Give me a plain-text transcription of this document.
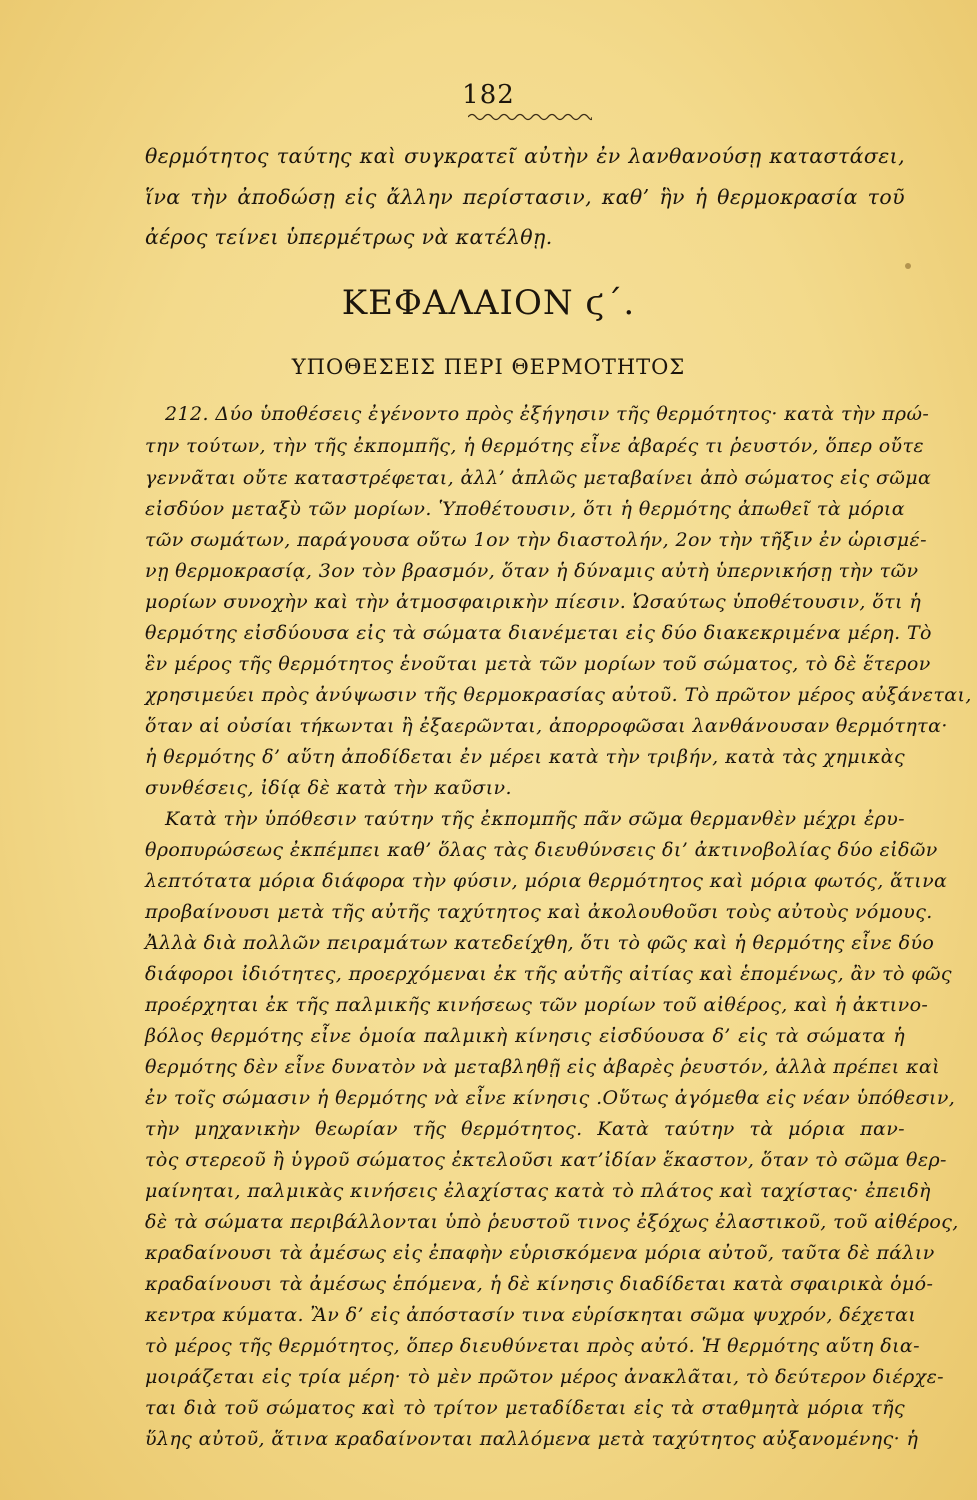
182
θερμότητος ταύτης καὶ συγκρατεῖ αὐτὴν ἐν λανθανούσῃ καταστάσει,
ἵνα τὴν ἀποδώσῃ εἰς ἄλλην περίστασιν, καθ’ ἣν ἡ θερμοκρασία τοῦ
ἀέρος τείνει ὑπερμέτρως νὰ κατέλθῃ.
ΚΕΦΑΛΑΙΟΝ ϛ΄.
ΥΠΟΘΕΣΕΙΣ ΠΕΡΙ ΘΕΡΜΟΤΗΤΟΣ
212. Δύο ὑποθέσεις ἐγένοντο πρὸς ἐξήγησιν τῆς θερμότητος· κατὰ τὴν πρώ-
την τούτων, τὴν τῆς ἐκπομπῆς, ἡ θερμότης εἶνε ἀβαρές τι ῥευστόν, ὅπερ οὔτε
γεννᾶται οὔτε καταστρέφεται, ἀλλ’ ἁπλῶς μεταβαίνει ἀπὸ σώματος εἰς σῶμα
εἰσδύον μεταξὺ τῶν μορίων. Ὑποθέτουσιν, ὅτι ἡ θερμότης ἀπωθεῖ τὰ μόρια
τῶν σωμάτων, παράγουσα οὕτω 1ον τὴν διαστολήν, 2ον τὴν τῆξιν ἐν ὡρισμέ-
νῃ θερμοκρασίᾳ, 3ον τὸν βρασμόν, ὅταν ἡ δύναμις αὐτὴ ὑπερνικήσῃ τὴν τῶν
μορίων συνοχὴν καὶ τὴν ἀτμοσφαιρικὴν πίεσιν. Ὡσαύτως ὑποθέτουσιν, ὅτι ἡ
θερμότης εἰσδύουσα εἰς τὰ σώματα διανέμεται εἰς δύο διακεκριμένα μέρη. Τὸ
ἓν μέρος τῆς θερμότητος ἑνοῦται μετὰ τῶν μορίων τοῦ σώματος, τὸ δὲ ἕτερον
χρησιμεύει πρὸς ἀνύψωσιν τῆς θερμοκρασίας αὐτοῦ. Τὸ πρῶτον μέρος αὐξάνεται,
ὅταν αἱ οὐσίαι τήκωνται ἢ ἐξαερῶνται, ἀπορροφῶσαι λανθάνουσαν θερμότητα·
ἡ θερμότης δ’ αὕτη ἀποδίδεται ἐν μέρει κατὰ τὴν τριβήν, κατὰ τὰς χημικὰς
συνθέσεις, ἰδίᾳ δὲ κατὰ τὴν καῦσιν.
Κατὰ τὴν ὑπόθεσιν ταύτην τῆς ἐκπομπῆς πᾶν σῶμα θερμανθὲν μέχρι ἐρυ-
θροπυρώσεως ἐκπέμπει καθ’ ὅλας τὰς διευθύνσεις δι’ ἀκτινοβολίας δύο εἰδῶν
λεπτότατα μόρια διάφορα τὴν φύσιν, μόρια θερμότητος καὶ μόρια φωτός, ἅτινα
προβαίνουσι μετὰ τῆς αὐτῆς ταχύτητος καὶ ἀκολουθοῦσι τοὺς αὐτοὺς νόμους.
Ἀλλὰ διὰ πολλῶν πειραμάτων κατεδείχθη, ὅτι τὸ φῶς καὶ ἡ θερμότης εἶνε δύο
διάφοροι ἰδιότητες, προερχόμεναι ἐκ τῆς αὐτῆς αἰτίας καὶ ἑπομένως, ἂν τὸ φῶς
προέρχηται ἐκ τῆς παλμικῆς κινήσεως τῶν μορίων τοῦ αἰθέρος, καὶ ἡ ἀκτινο-
βόλος θερμότης εἶνε ὁμοία παλμικὴ κίνησις εἰσδύουσα δ’ εἰς τὰ σώματα ἡ
θερμότης δὲν εἶνε δυνατὸν νὰ μεταβληθῇ εἰς ἀβαρὲς ῥευστόν, ἀλλὰ πρέπει καὶ
ἐν τοῖς σώμασιν ἡ θερμότης νὰ εἶνε κίνησις .Οὕτως ἀγόμεθα εἰς νέαν ὑπόθεσιν,
τὴν μηχανικὴν θεωρίαν τῆς θερμότητος. Κατὰ ταύτην τὰ μόρια παν-
τὸς στερεοῦ ἢ ὑγροῦ σώματος ἐκτελοῦσι κατ’ἰδίαν ἕκαστον, ὅταν τὸ σῶμα θερ-
μαίνηται, παλμικὰς κινήσεις ἐλαχίστας κατὰ τὸ πλάτος καὶ ταχίστας· ἐπειδὴ
δὲ τὰ σώματα περιβάλλονται ὑπὸ ῥευστοῦ τινος ἐξόχως ἐλαστικοῦ, τοῦ αἰθέρος,
κραδαίνουσι τὰ ἀμέσως εἰς ἐπαφὴν εὑρισκόμενα μόρια αὐτοῦ, ταῦτα δὲ πάλιν
κραδαίνουσι τὰ ἀμέσως ἑπόμενα, ἡ δὲ κίνησις διαδίδεται κατὰ σφαιρικὰ ὁμό-
κεντρα κύματα. Ἂν δ’ εἰς ἀπόστασίν τινα εὑρίσκηται σῶμα ψυχρόν, δέχεται
τὸ μέρος τῆς θερμότητος, ὅπερ διευθύνεται πρὸς αὐτό. Ἡ θερμότης αὕτη δια-
μοιράζεται εἰς τρία μέρη· τὸ μὲν πρῶτον μέρος ἀνακλᾶται, τὸ δεύτερον διέρχε-
ται διὰ τοῦ σώματος καὶ τὸ τρίτον μεταδίδεται εἰς τὰ σταθμητὰ μόρια τῆς
ὕλης αὐτοῦ, ἅτινα κραδαίνονται παλλόμενα μετὰ ταχύτητος αὐξανομένης· ἡ
